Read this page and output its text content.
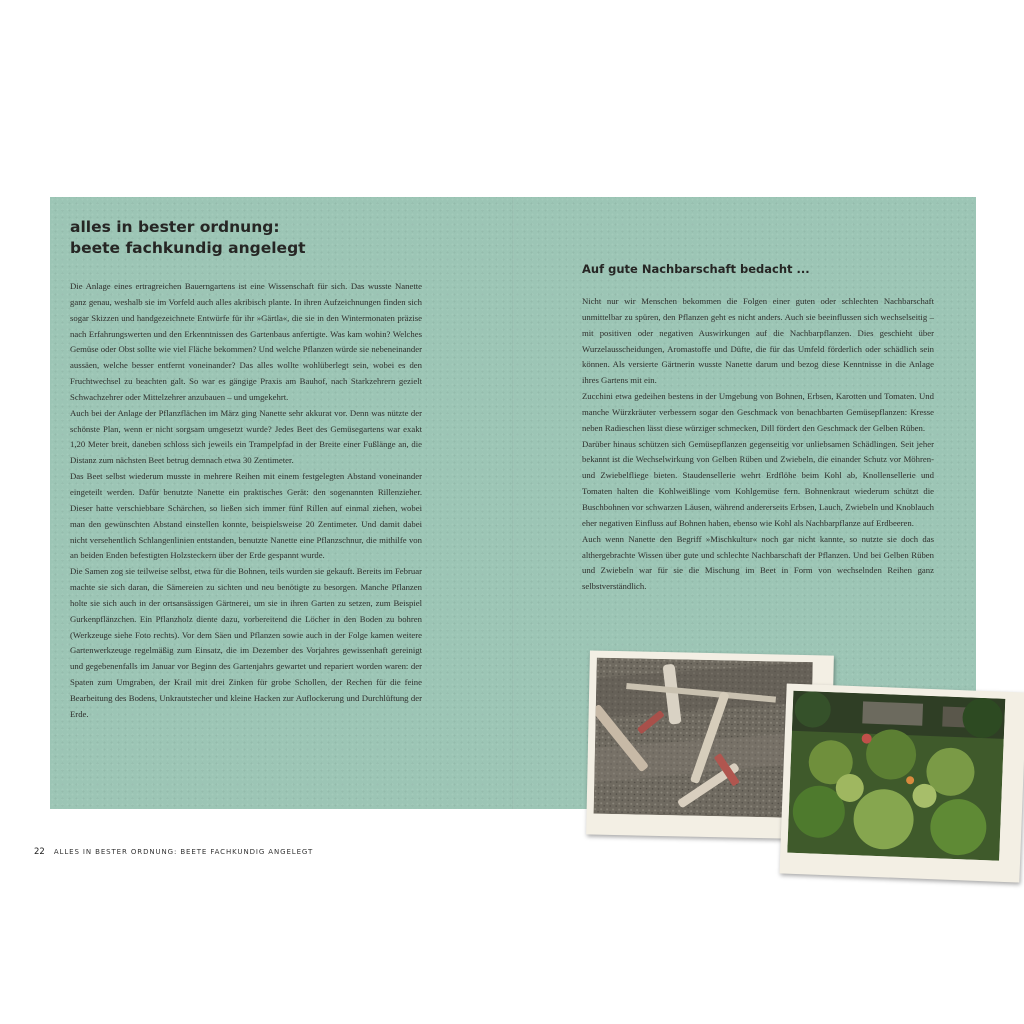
alles in bester ordnung:
beete fachkundig angelegt

Die Anlage eines ertragreichen Bauerngartens ist eine Wissenschaft für sich. Das wusste Nanette ganz genau, weshalb sie im Vorfeld auch alles akribisch plante. In ihren Aufzeichnungen finden sich sogar Skizzen und handgezeichnete Entwürfe für ihr »Gärtla«, die sie in den Wintermonaten präzise nach Erfahrungswerten und den Erkenntnissen des Gartenbaus anfertigte. Was kam wohin? Welches Gemüse oder Obst sollte wie viel Fläche bekommen? Und welche Pflanzen würde sie nebeneinander aussäen, welche besser entfernt voneinander? Das alles wollte wohlüberlegt sein, wobei es den Fruchtwechsel zu beachten galt. So war es gängige Praxis am Bauhof, nach Starkzehrern gezielt Schwachzehrer oder Mittelzehrer anzubauen – und umgekehrt.

Auch bei der Anlage der Pflanzflächen im März ging Nanette sehr akkurat vor. Denn was nützte der schönste Plan, wenn er nicht sorgsam umgesetzt wurde? Jedes Beet des Gemüsegartens war exakt 1,20 Meter breit, daneben schloss sich jeweils ein Trampelpfad in der Breite einer Fußlänge an, die Distanz zum nächsten Beet betrug demnach etwa 30 Zentimeter.

Das Beet selbst wiederum musste in mehrere Reihen mit einem festgelegten Abstand voneinander eingeteilt werden. Dafür benutzte Nanette ein praktisches Gerät: den sogenannten Rillenzieher. Dieser hatte verschiebbare Schärchen, so ließen sich immer fünf Rillen auf einmal ziehen, wobei man den gewünschten Abstand einstellen konnte, beispielsweise 20 Zentimeter. Und damit dabei nicht versehentlich Schlangenlinien entstanden, benutzte Nanette eine Pflanzschnur, die mithilfe von an beiden Enden befestigten Holzsteckern über der Erde gespannt wurde.

Die Samen zog sie teilweise selbst, etwa für die Bohnen, teils wurden sie gekauft. Bereits im Februar machte sie sich daran, die Sämereien zu sichten und neu benötigte zu besorgen. Manche Pflanzen holte sie sich auch in der ortsansässigen Gärtnerei, um sie in ihren Garten zu setzen, zum Beispiel Gurkenpflänzchen. Ein Pflanzholz diente dazu, vorbereitend die Löcher in den Boden zu bohren (Werkzeuge siehe Foto rechts). Vor dem Säen und Pflanzen sowie auch in der Folge kamen weitere Gartenwerkzeuge regelmäßig zum Einsatz, die im Dezember des Vorjahres gewissenhaft gereinigt und gegebenenfalls im Januar vor Beginn des Gartenjahrs gewartet und repariert worden waren: der Spaten zum Umgraben, der Krail mit drei Zinken für grobe Schollen, der Rechen für die feine Bearbeitung des Bodens, Unkrautstecher und kleine Hacken zur Auflockerung und Durchlüftung der Erde.

Auf gute Nachbarschaft bedacht ...

Nicht nur wir Menschen bekommen die Folgen einer guten oder schlechten Nachbarschaft unmittelbar zu spüren, den Pflanzen geht es nicht anders. Auch sie beeinflussen sich wechselseitig – mit positiven oder negativen Auswirkungen auf die Nachbarpflanzen. Dies geschieht über Wurzelausscheidungen, Aromastoffe und Düfte, die für das Umfeld förderlich oder schädlich sein können. Als versierte Gärtnerin wusste Nanette darum und bezog diese Kenntnisse in die Anlage ihres Gartens mit ein.

Zucchini etwa gedeihen bestens in der Umgebung von Bohnen, Erbsen, Karotten und Tomaten. Und manche Würzkräuter verbessern sogar den Geschmack von benachbarten Gemüsepflanzen: Kresse neben Radieschen lässt diese würziger schmecken, Dill fördert den Geschmack der Gelben Rüben.

Darüber hinaus schützen sich Gemüsepflanzen gegenseitig vor unliebsamen Schädlingen. Seit jeher bekannt ist die Wechselwirkung von Gelben Rüben und Zwiebeln, die einander Schutz vor Möhren- und Zwiebelfliege bieten. Staudensellerie wehrt Erdflöhe beim Kohl ab, Knollensellerie und Tomaten halten die Kohlweißlinge vom Kohlgemüse fern. Bohnenkraut wiederum schützt die Buschbohnen vor schwarzen Läusen, während andererseits Erbsen, Lauch, Zwiebeln und Knoblauch eher negativen Einfluss auf Bohnen haben, ebenso wie Kohl als Nachbarpflanze auf Erdbeeren.

Auch wenn Nanette den Begriff »Mischkultur« noch gar nicht kannte, so nutzte sie doch das althergebrachte Wissen über gute und schlechte Nachbarschaft der Pflanzen. Und bei Gelben Rüben und Zwiebeln war für sie die Mischung im Beet in Form von wechselnden Reihen ganz selbstverständlich.

22 ALLES IN BESTER ORDNUNG: BEETE FACHKUNDIG ANGELEGT
